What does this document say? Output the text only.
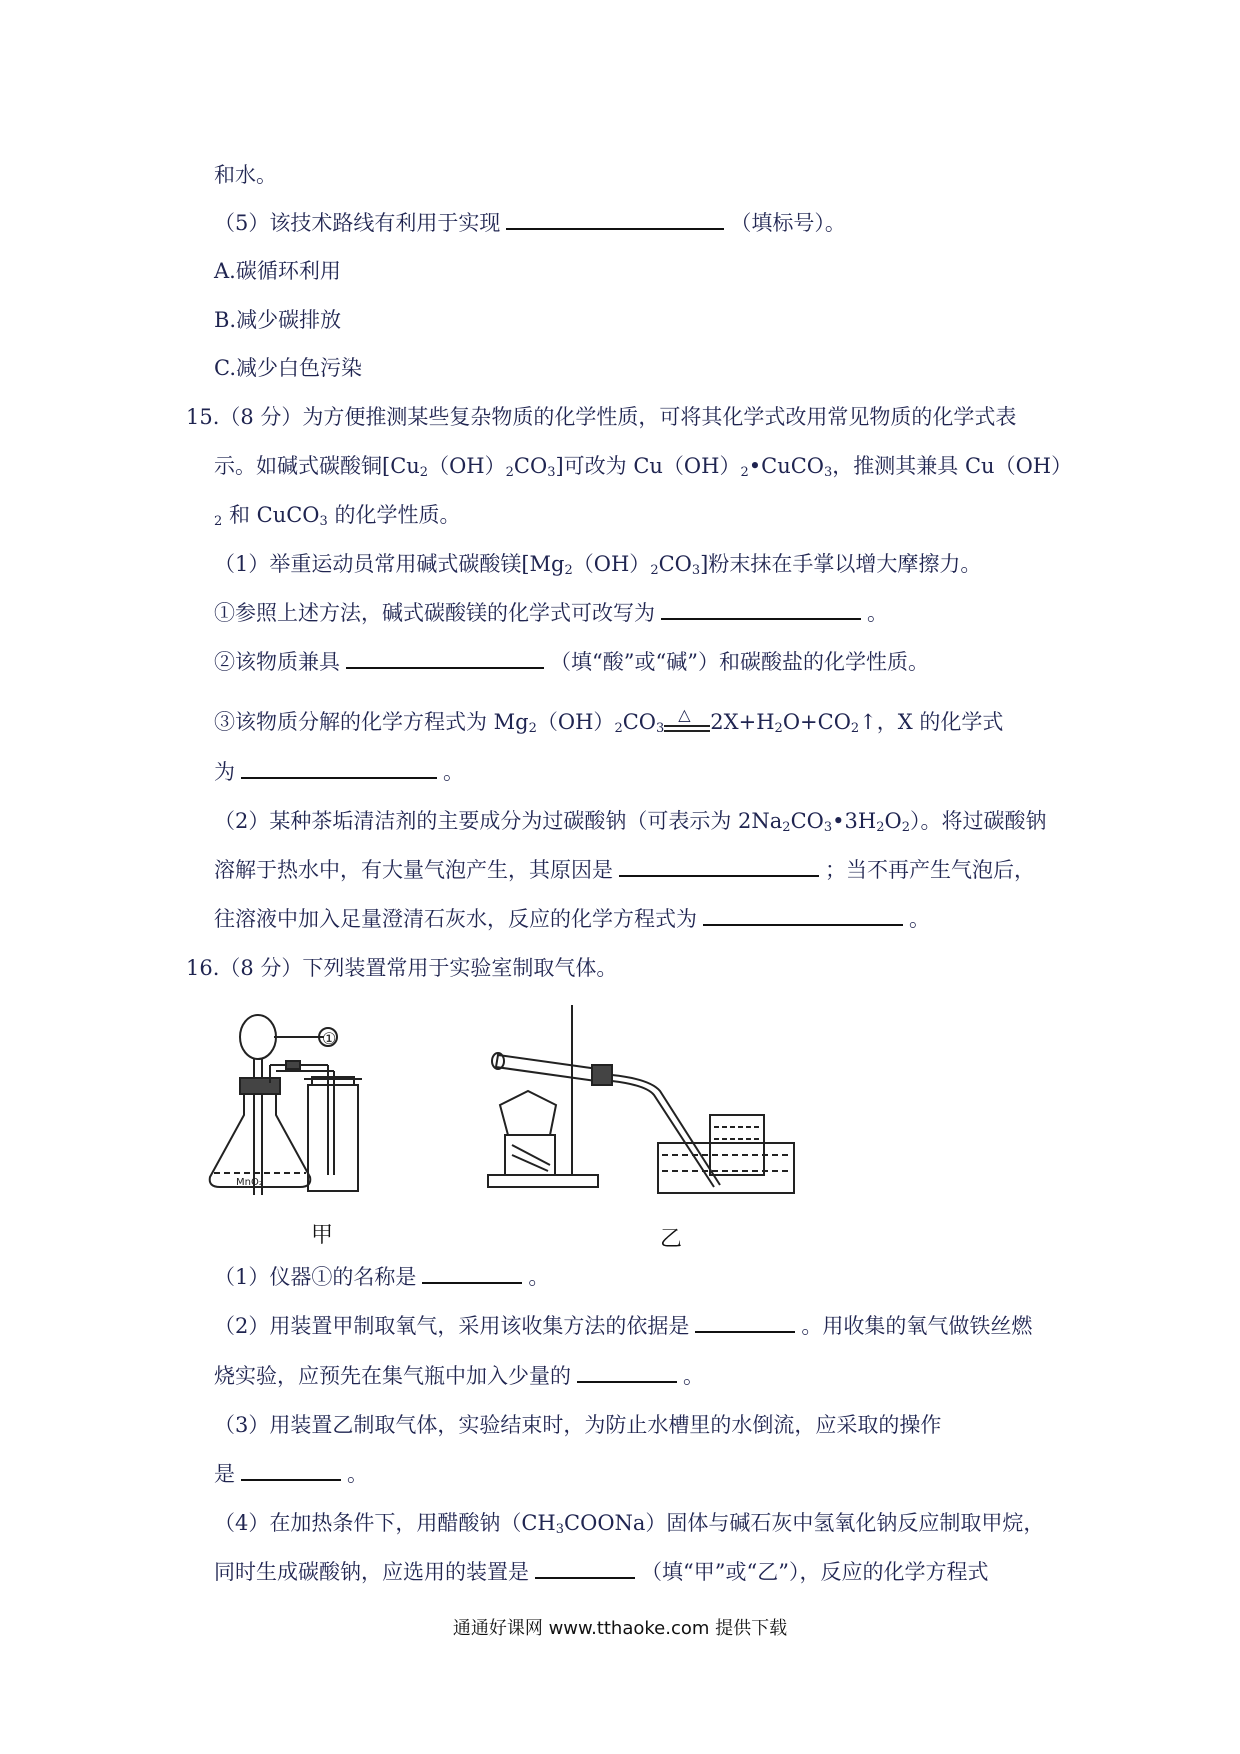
和水。
（5）该技术路线有利用于实现	（填标号）。
A.碳循环利用
B.减少碳排放
C.减少白色污染
15.（8 分）为方便推测某些复杂物质的化学性质，可将其化学式改用常见物质的化学式表
示。如碱式碳酸铜$[Cu_2(OH)_2CO_3]$可改为 $Cu(OH)_2•CuCO_3$，推测其兼具 Cu（OH）
$_2$ 和 CuCO$_3$ 的化学性质。
（1）举重运动员常用碱式碳酸镁$[Mg_2(OH)_2CO_3]$粉末抹在手掌以增大摩擦力。
①参照上述方法，碱式碳酸镁的化学式可改写为	。
②该物质兼具	（填“酸”或“碱”）和碳酸盐的化学性质。
③该物质分解的化学方程式为 $Mg_2(OH)_2CO_3$
△ $2X+H_2O+CO_2↑$，X 的化学式
为	。
（2）某种茶垢清洁剂的主要成分为过碳酸钠（可表示为 $2Na_2CO_3•3H_2O_2$）。将过碳酸钠
溶解于热水中，有大量气泡产生，其原因是	；当不再产生气泡后，
往溶液中加入足量澄清石灰水，反应的化学方程式为	。
16.（8 分）下列装置常用于实验室制取气体。
①
MnO₂
甲	乙
（1）仪器①的名称是	。
（2）用装置甲制取氧气，采用该收集方法的依据是	。用收集的氧气做铁丝燃
烧实验，应预先在集气瓶中加入少量的	。
（3）用装置乙制取气体，实验结束时，为防止水槽里的水倒流，应采取的操作
是	。
（4）在加热条件下，用醋酸钠$(CH_3COONa)$固体与碱石灰中氢氧化钠反应制取甲烷，
同时生成碳酸钠，应选用的装置是	（填“甲”或“乙”），反应的化学方程式
通通好课网 www.tthaoke.com 提供下载
